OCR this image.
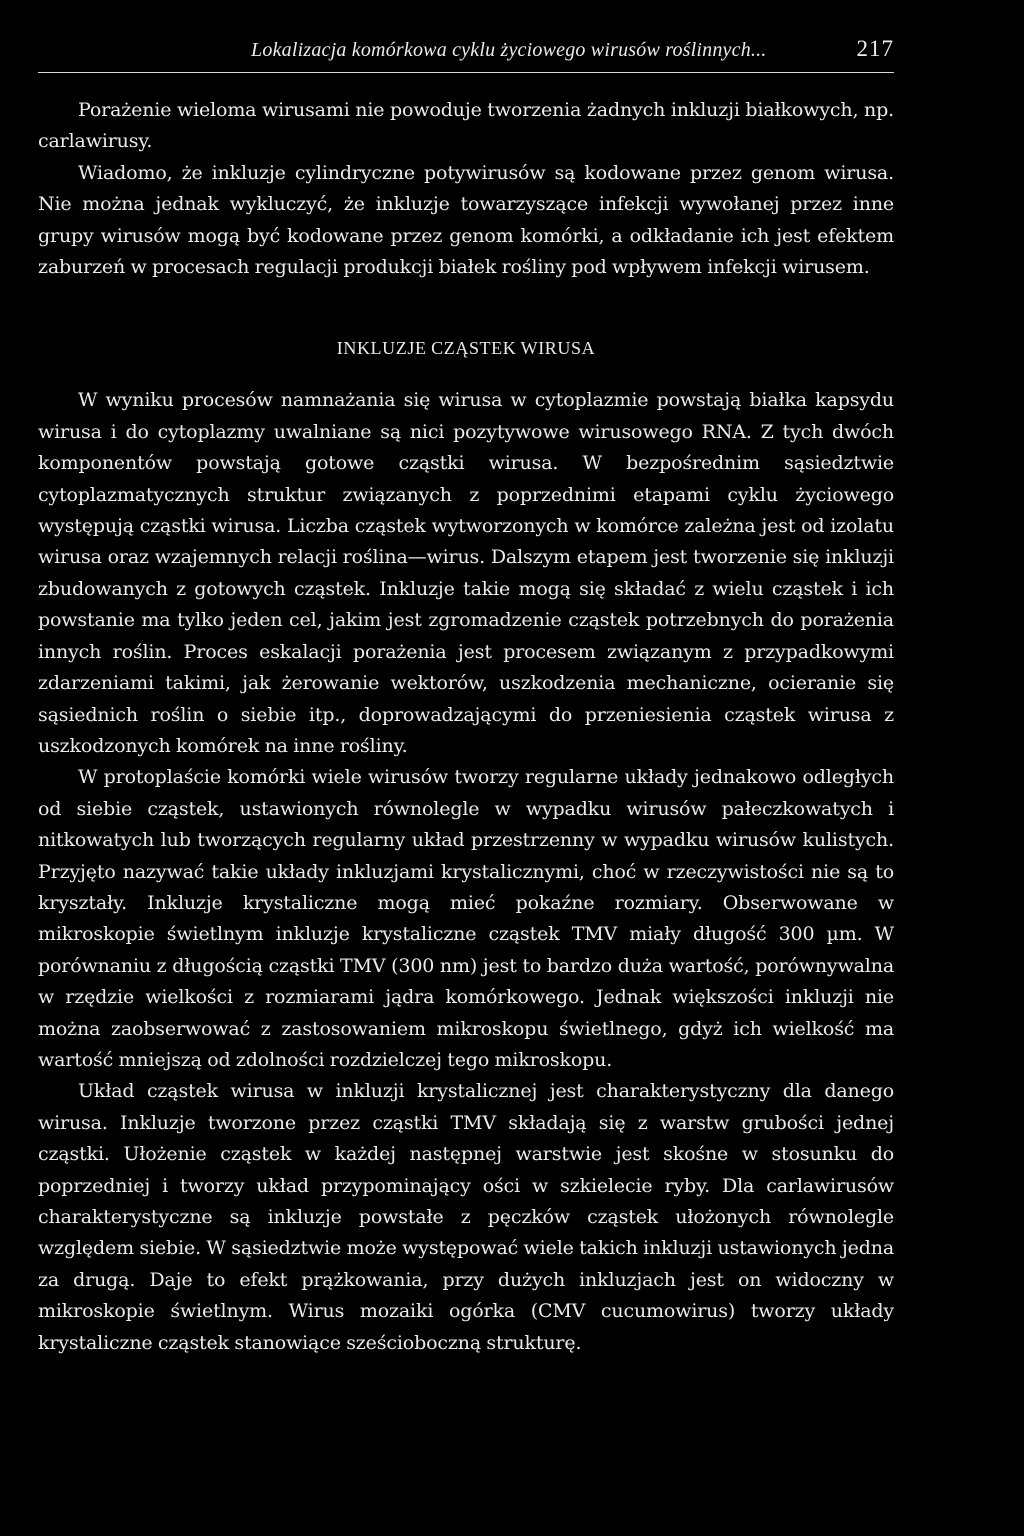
Lokalizacja komórkowa cyklu życiowego wirusów roślinnych...	217

Porażenie wieloma wirusami nie powoduje tworzenia żadnych inkluzji białkowych, np. carlawirusy.

Wiadomo, że inkluzje cylindryczne potywirusów są kodowane przez genom wirusa. Nie można jednak wykluczyć, że inkluzje towarzyszące infekcji wywołanej przez inne grupy wirusów mogą być kodowane przez genom komórki, a odkładanie ich jest efektem zaburzeń w procesach regulacji produkcji białek rośliny pod wpływem infekcji wirusem.

INKLUZJE CZĄSTEK WIRUSA

W wyniku procesów namnażania się wirusa w cytoplazmie powstają białka kapsydu wirusa i do cytoplazmy uwalniane są nici pozytywowe wirusowego RNA. Z tych dwóch komponentów powstają gotowe cząstki wirusa. W bezpośrednim sąsiedztwie cytoplazmatycznych struktur związanych z poprzednimi etapami cyklu życiowego występują cząstki wirusa. Liczba cząstek wytworzonych w komórce zależna jest od izolatu wirusa oraz wzajemnych relacji roślina—wirus. Dalszym etapem jest tworzenie się inkluzji zbudowanych z gotowych cząstek. Inkluzje takie mogą się składać z wielu cząstek i ich powstanie ma tylko jeden cel, jakim jest zgromadzenie cząstek potrzebnych do porażenia innych roślin. Proces eskalacji porażenia jest procesem związanym z przypadkowymi zdarzeniami takimi, jak żerowanie wektorów, uszkodzenia mechaniczne, ocieranie się sąsiednich roślin o siebie itp., doprowadzającymi do przeniesienia cząstek wirusa z uszkodzonych komórek na inne rośliny.

W protoplaście komórki wiele wirusów tworzy regularne układy jednakowo odległych od siebie cząstek, ustawionych równolegle w wypadku wirusów pałeczkowatych i nitkowatych lub tworzących regularny układ przestrzenny w wypadku wirusów kulistych. Przyjęto nazywać takie układy inkluzjami krystalicznymi, choć w rzeczywistości nie są to kryształy. Inkluzje krystaliczne mogą mieć pokaźne rozmiary. Obserwowane w mikroskopie świetlnym inkluzje krystaliczne cząstek TMV miały długość 300 µm. W porównaniu z długością cząstki TMV (300 nm) jest to bardzo duża wartość, porównywalna w rzędzie wielkości z rozmiarami jądra komórkowego. Jednak większości inkluzji nie można zaobserwować z zastosowaniem mikroskopu świetlnego, gdyż ich wielkość ma wartość mniejszą od zdolności rozdzielczej tego mikroskopu.

Układ cząstek wirusa w inkluzji krystalicznej jest charakterystyczny dla danego wirusa. Inkluzje tworzone przez cząstki TMV składają się z warstw grubości jednej cząstki. Ułożenie cząstek w każdej następnej warstwie jest skośne w stosunku do poprzedniej i tworzy układ przypominający ości w szkielecie ryby. Dla carlawirusów charakterystyczne są inkluzje powstałe z pęczków cząstek ułożonych równolegle względem siebie. W sąsiedztwie może występować wiele takich inkluzji ustawionych jedna za drugą. Daje to efekt prążkowania, przy dużych inkluzjach jest on widoczny w mikroskopie świetlnym. Wirus mozaiki ogórka (CMV cucumowirus) tworzy układy krystaliczne cząstek stanowiące sześcioboczną strukturę.
